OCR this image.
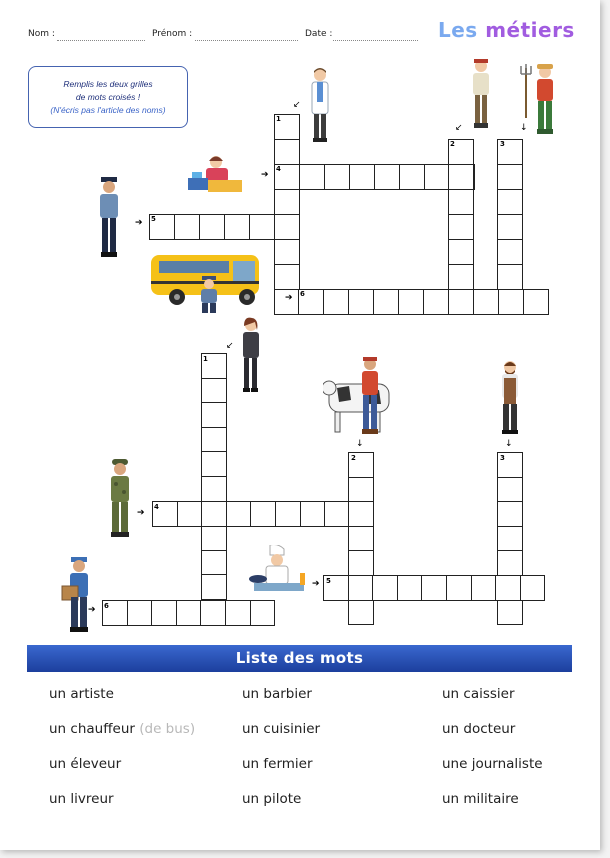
Nom :	Prénom :	Date :	Les métiers
Remplis les deux grilles
de mots croisés !
(N'écris pas l'article des noms)
1
2	3
4
5
6
↙
↙	↓
➔
➔
➔
1
2	3
4
5
6
↙
↓	↓
➔
➔
➔
Liste des mots
un artiste	un barbier	un caissier
un chauffeur (de bus)	un cuisinier	un docteur
un éleveur	un fermier	une journaliste
un livreur	un pilote	un militaire
